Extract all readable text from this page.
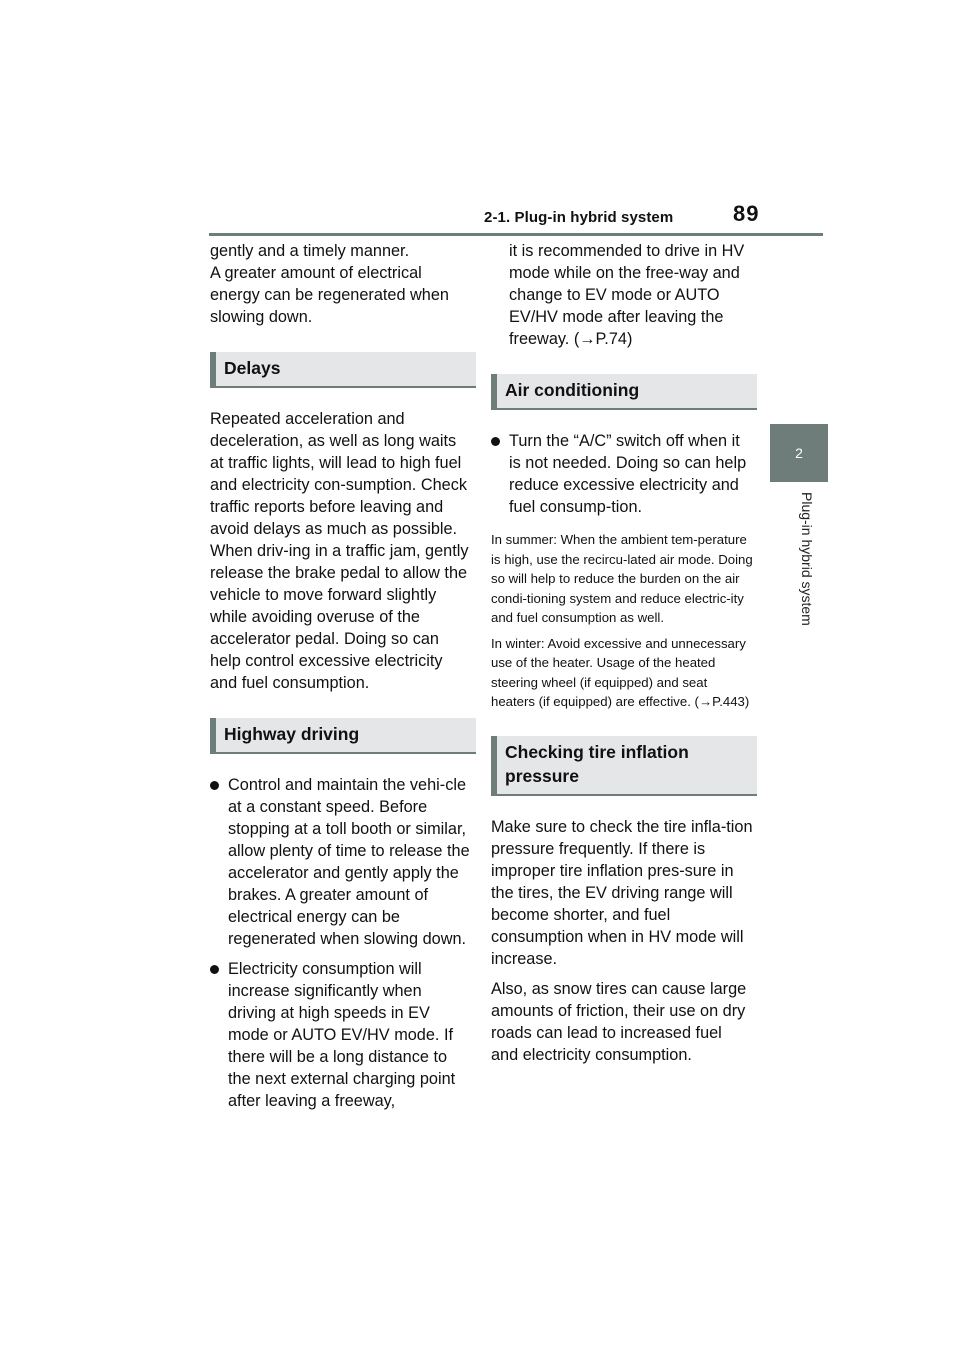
2-1. Plug-in hybrid system	89
2
Plug-in hybrid system

gently and a timely manner.

A greater amount of electrical energy can be regenerated when slowing down.

Delays

Repeated acceleration and deceleration, as well as long waits at traffic lights, will lead to high fuel and electricity con-sumption. Check traffic reports before leaving and avoid delays as much as possible. When driv-ing in a traffic jam, gently release the brake pedal to allow the vehicle to move forward slightly while avoiding overuse of the accelerator pedal. Doing so can help control excessive electricity and fuel consumption.

Highway driving

Control and maintain the vehi-cle at a constant speed. Before stopping at a toll booth or similar, allow plenty of time to release the accelerator and gently apply the brakes. A greater amount of electrical energy can be regenerated when slowing down.

Electricity consumption will increase significantly when driving at high speeds in EV mode or AUTO EV/HV mode. If there will be a long distance to the next external charging point after leaving a freeway,

it is recommended to drive in HV mode while on the free-way and change to EV mode or AUTO EV/HV mode after leaving the freeway. (→P.74)

Air conditioning

Turn the “A/C” switch off when it is not needed. Doing so can help reduce excessive electricity and fuel consump-tion.

In summer: When the ambient tem-perature is high, use the recircu-lated air mode. Doing so will help to reduce the burden on the air condi-tioning system and reduce electric-ity and fuel consumption as well.

In winter: Avoid excessive and unnecessary use of the heater. Usage of the heated steering wheel (if equipped) and seat heaters (if equipped) are effective. (→P.443)

Checking tire inflation pressure

Make sure to check the tire infla-tion pressure frequently. If there is improper tire inflation pres-sure in the tires, the EV driving range will become shorter, and fuel consumption when in HV mode will increase.

Also, as snow tires can cause large amounts of friction, their use on dry roads can lead to increased fuel and electricity consumption.
